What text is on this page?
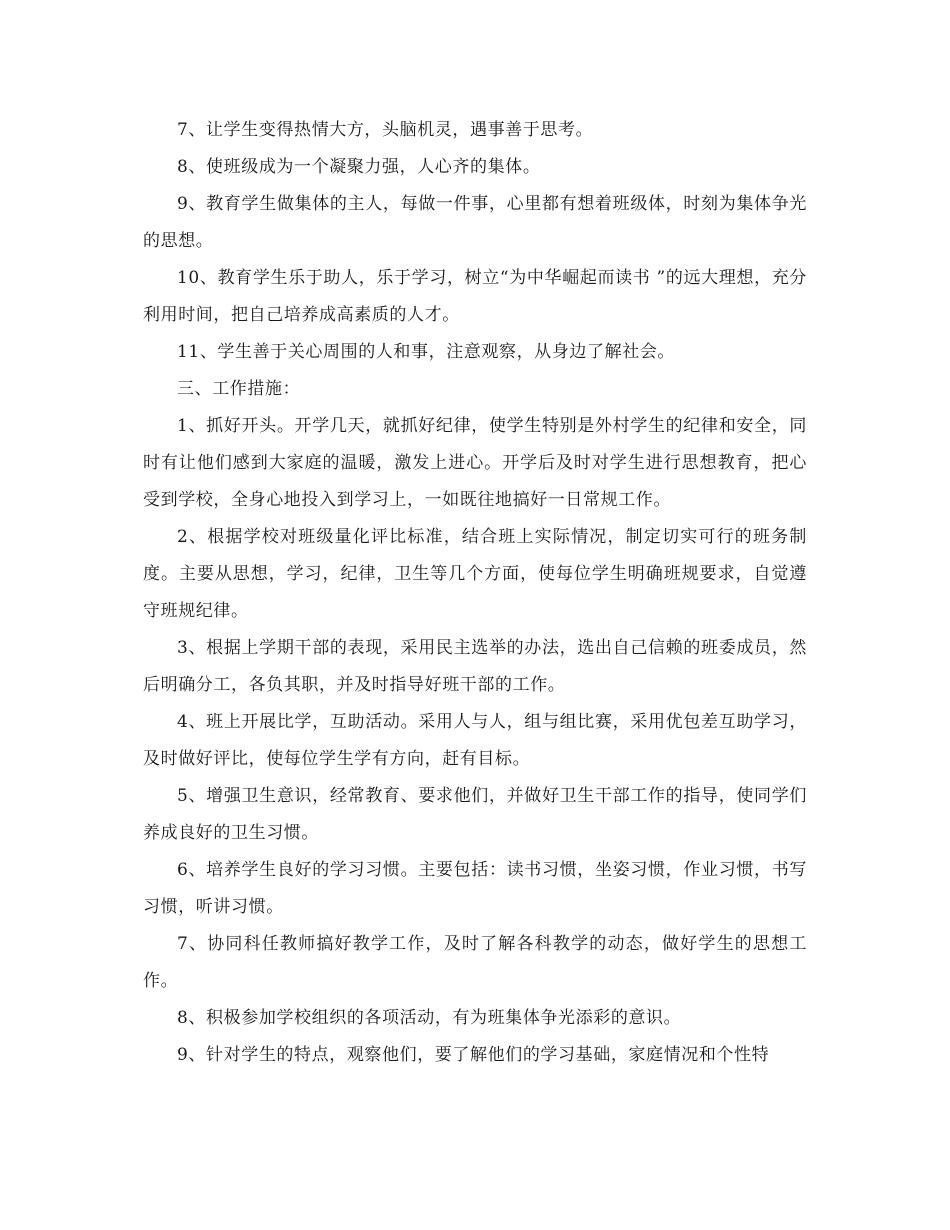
7、让学生变得热情大方，头脑机灵，遇事善于思考。

8、使班级成为一个凝聚力强，人心齐的集体。

9、教育学生做集体的主人，每做一件事，心里都有想着班级体，时刻为集体争光的思想。

10、教育学生乐于助人，乐于学习，树立“为中华崛起而读书 ”的远大理想，充分利用时间，把自己培养成高素质的人才。

11、学生善于关心周围的人和事，注意观察，从身边了解社会。

三、工作措施：

1、抓好开头。开学几天，就抓好纪律，使学生特别是外村学生的纪律和安全，同时有让他们感到大家庭的温暖，激发上进心。开学后及时对学生进行思想教育，把心受到学校，全身心地投入到学习上，一如既往地搞好一日常规工作。

2、根据学校对班级量化评比标准，结合班上实际情况，制定切实可行的班务制度。主要从思想，学习，纪律，卫生等几个方面，使每位学生明确班规要求，自觉遵守班规纪律。

3、根据上学期干部的表现，采用民主选举的办法，选出自己信赖的班委成员，然后明确分工，各负其职，并及时指导好班干部的工作。

4、班上开展比学，互助活动。采用人与人，组与组比赛，采用优包差互助学习，及时做好评比，使每位学生学有方向，赶有目标。

5、增强卫生意识，经常教育、要求他们，并做好卫生干部工作的指导，使同学们养成良好的卫生习惯。

6、培养学生良好的学习习惯。主要包括：读书习惯，坐姿习惯，作业习惯，书写习惯，听讲习惯。

7、协同科任教师搞好教学工作，及时了解各科教学的动态，做好学生的思想工作。

8、积极参加学校组织的各项活动，有为班集体争光添彩的意识。

9、针对学生的特点，观察他们，要了解他们的学习基础，家庭情况和个性特
